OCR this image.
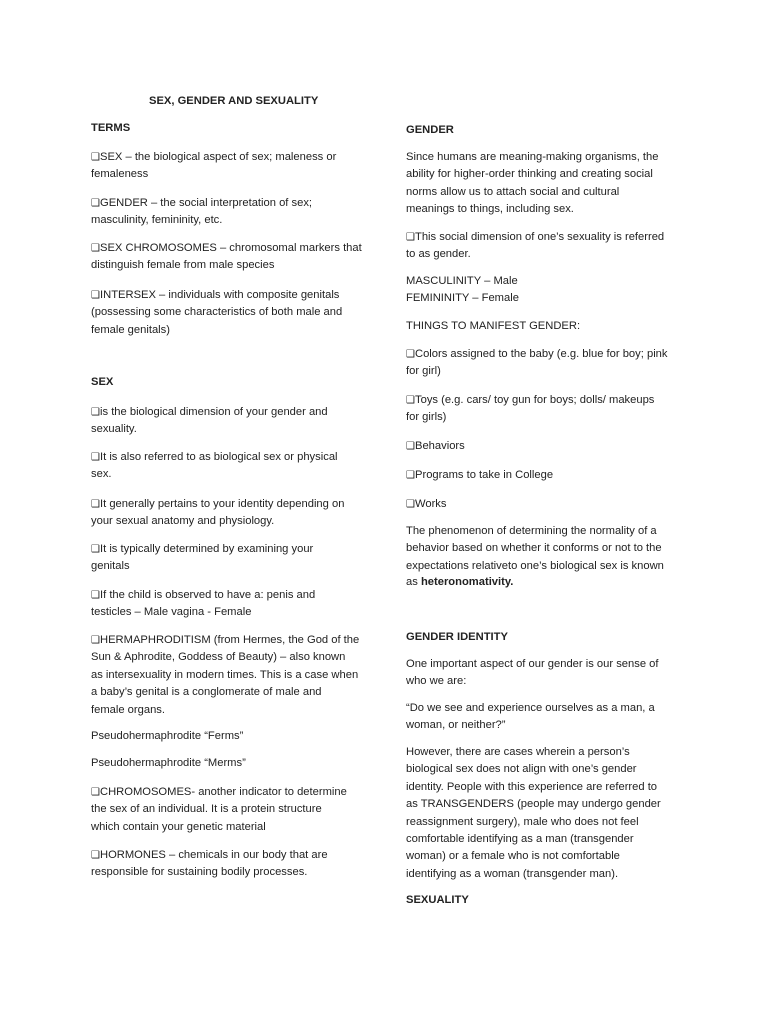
SEX, GENDER AND SEXUALITY
TERMS
❑ SEX – the biological aspect of sex; maleness or
femaleness
❑ GENDER – the social interpretation of sex;
masculinity, femininity, etc.
❑ SEX CHROMOSOMES – chromosomal markers that
distinguish female from male species
❑ INTERSEX – individuals with composite genitals
(possessing some characteristics of both male and
female genitals)
SEX
❑ is the biological dimension of your gender and
sexuality.
❑ It is also referred to as biological sex or physical
sex.
❑ It generally pertains to your identity depending on
your sexual anatomy and physiology.
❑ It is typically determined by examining your
genitals
❑ If the child is observed to have a: penis and
testicles – Male vagina - Female
❑ HERMAPHRODITISM (from Hermes, the God of the
Sun & Aphrodite, Goddess of Beauty) – also known
as intersexuality in modern times. This is a case when
a baby’s genital is a conglomerate of male and
female organs.
Pseudohermaphrodite “Ferms”
Pseudohermaphrodite “Merms”
❑ CHROMOSOMES- another indicator to determine
the sex of an individual. It is a protein structure
which contain your genetic material
❑ HORMONES – chemicals in our body that are
responsible for sustaining bodily processes.
GENDER
Since humans are meaning-making organisms, the
ability for higher-order thinking and creating social
norms allow us to attach social and cultural
meanings to things, including sex.
❑ This social dimension of one’s sexuality is referred
to as gender.
MASCULINITY – Male
FEMININITY – Female
THINGS TO MANIFEST GENDER:
❑ Colors assigned to the baby (e.g. blue for boy; pink
for girl)
❑ Toys (e.g. cars/ toy gun for boys; dolls/ makeups
for girls)
❑ Behaviors
❑ Programs to take in College
❑ Works
The phenomenon of determining the normality of a
behavior based on whether it conforms or not to the
expectations relativeto one’s biological sex is known
as heteronomativity.
GENDER IDENTITY
One important aspect of our gender is our sense of
who we are:
“Do we see and experience ourselves as a man, a
woman, or neither?”
However, there are cases wherein a person’s
biological sex does not align with one’s gender
identity. People with this experience are referred to
as TRANSGENDERS (people may undergo gender
reassignment surgery), male who does not feel
comfortable identifying as a man (transgender
woman) or a female who is not comfortable
identifying as a woman (transgender man).
SEXUALITY
